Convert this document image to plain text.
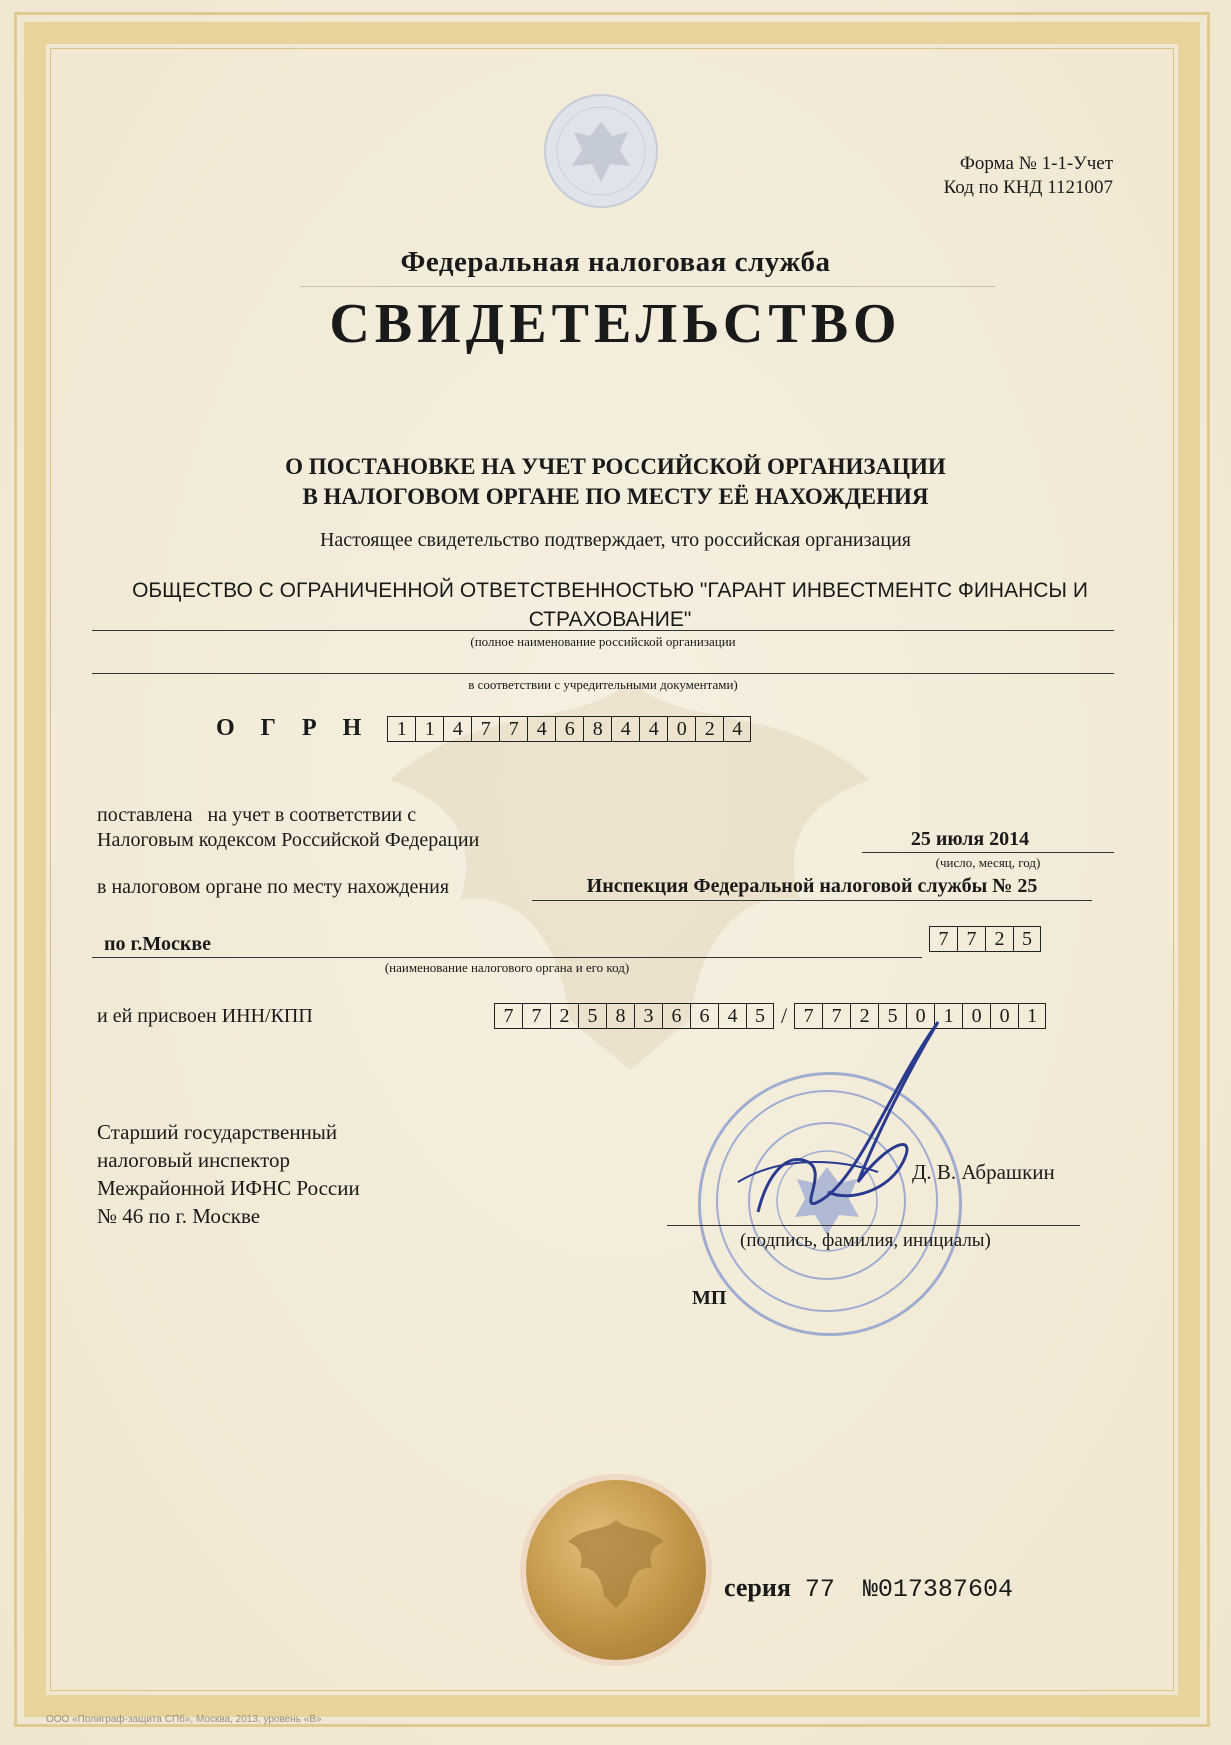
Форма № 1-1-Учет
Код по КНД 1121007
Федеральная налоговая служба
СВИДЕТЕЛЬСТВО
О ПОСТАНОВКЕ НА УЧЕТ РОССИЙСКОЙ ОРГАНИЗАЦИИ
В НАЛОГОВОМ ОРГАНЕ ПО МЕСТУ ЕЁ НАХОЖДЕНИЯ
Настоящее свидетельство подтверждает, что российская организация
ОБЩЕСТВО С ОГРАНИЧЕННОЙ ОТВЕТСТВЕННОСТЬЮ "ГАРАНТ ИНВЕСТМЕНТС ФИНАНСЫ И СТРАХОВАНИЕ"
(полное наименование российской организации
в соответствии с учредительными документами)
ОГРН 1 1 4 7 7 4 6 8 4 4 0 2 4
поставлена   на учет в соответствии с
Налоговым кодексом Российской Федерации	25 июля 2014
(число, месяц, год)
в налоговом органе по месту нахождения	Инспекция Федеральной налоговой службы № 25
по г.Москве	7 7 2 5
(наименование налогового органа и его код)
и ей присвоен ИНН/КПП	7 7 2 5 8 3 6 6 4 5 / 7 7 2 5 0 1 0 0 1
Старший государственный
налоговый инспектор
Межрайонной ИФНС России
№ 46 по г. Москве
Д. В. Абрашкин
(подпись, фамилия, инициалы)
МП
серия 77 №017387604
ООО «Полиграф-защита СПб», Москва, 2013, уровень «В»
